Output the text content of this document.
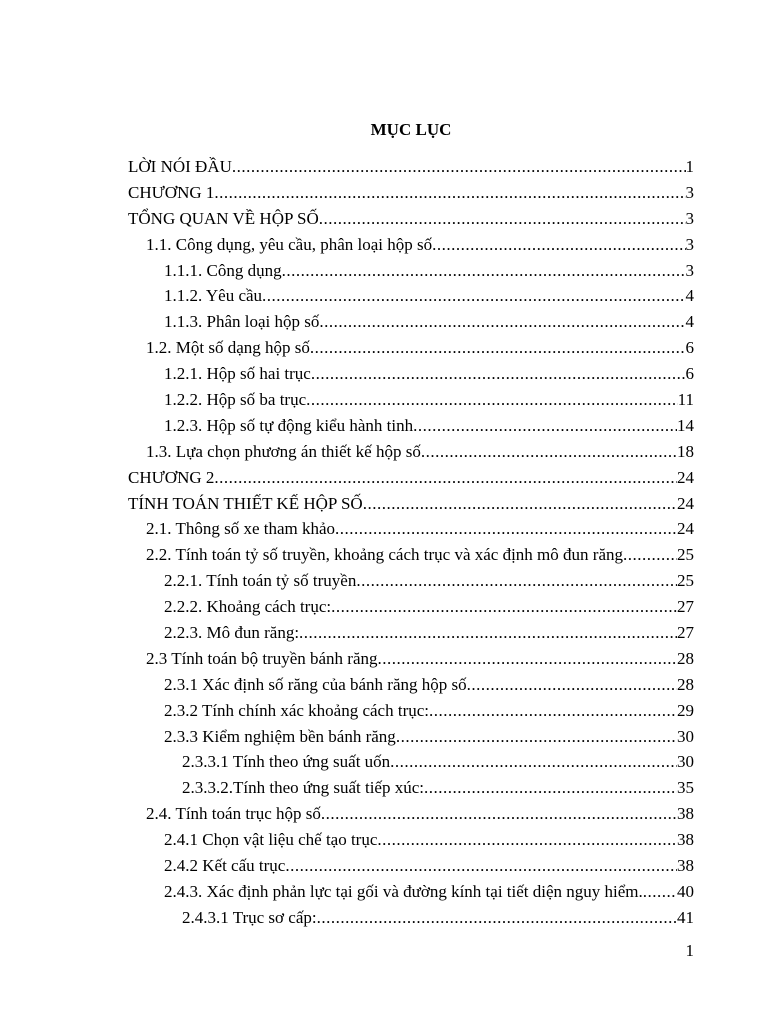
MỤC LỤC
LỜI NÓI ĐẦU .....	1
CHƯƠNG 1 .....	3
TỔNG QUAN VỀ HỘP SỐ .....	3
1.1. Công dụng, yêu cầu, phân loại hộp số .....	3
1.1.1. Công dụng .....	3
1.1.2. Yêu cầu .....	4
1.1.3. Phân loại hộp số .....	4
1.2. Một số dạng hộp số .....	6
1.2.1. Hộp số hai trục .....	6
1.2.2. Hộp số ba trục .....	11
1.2.3. Hộp số tự động kiểu hành tinh .....	14
1.3. Lựa chọn phương án thiết kế hộp số .....	18
CHƯƠNG 2 .....	24
TÍNH TOÁN THIẾT KẾ HỘP SỐ .....	24
2.1. Thông số xe tham khảo .....	24
2.2. Tính toán tỷ số truyền, khoảng cách trục và xác định mô đun răng .....	25
2.2.1. Tính toán tỷ số truyền .....	25
2.2.2. Khoảng cách trục: .....	27
2.2.3. Mô đun răng: .....	27
2.3 Tính toán bộ truyền bánh răng .....	28
2.3.1 Xác định số răng của bánh răng hộp số .....	28
2.3.2 Tính chính xác khoảng cách trục: .....	29
2.3.3 Kiểm nghiệm bền bánh răng .....	30
2.3.3.1 Tính theo ứng suất uốn .....	30
2.3.3.2.Tính theo ứng suất tiếp xúc: .....	35
2.4. Tính toán trục hộp số .....	38
2.4.1 Chọn vật liệu chế tạo trục .....	38
2.4.2 Kết cấu trục .....	38
2.4.3. Xác định phản lực tại gối và đường kính tại tiết diện nguy hiểm. ..... 40
2.4.3.1 Trục sơ cấp: .....	41
1
